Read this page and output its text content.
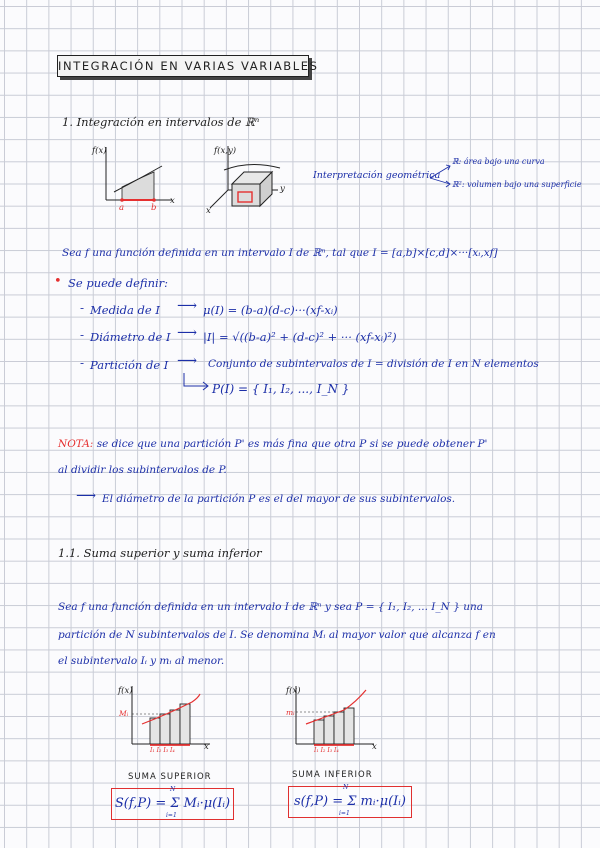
INTEGRACIÓN EN VARIAS VARIABLES
1. Integración en intervalos de ℝⁿ
f(x)
x
a	b
f(x,y)
x
y
Interpretación geométrica
ℝ: área bajo una curva
ℝ²: volumen bajo una superficie
Sea f una función definida en un intervalo I de ℝⁿ, tal que I = [a,b]×[c,d]×···[xᵢ,xf]
• Se puede definir:
- Medida de I ⟶ μ(I) = (b-a)(d-c)···(xf-xᵢ)
- Diámetro de I ⟶ |I| = √((b-a)² + (d-c)² + ··· (xf-xᵢ)²)
- Partición de I ⟶ Conjunto de subintervalos de I = división de I en N elementos
P(I) = { I₁, I₂, ..., I_N }
NOTA: se dice que una partición P' es más fina que otra P si se puede obtener P'
al dividir los subintervalos de P.
⟶ El diámetro de la partición P es el del mayor de sus subintervalos.
1.1. Suma superior y suma inferior
Sea f una función definida en un intervalo I de ℝⁿ y sea P = { I₁, I₂, ... I_N } una
partición de N subintervalos de I. Se denomina Mᵢ al mayor valor que alcanza f en
el subintervalo Iᵢ y mᵢ al menor.
f(x)
x
Mᵢ
I₁ I₂ I₃ I₄
SUMA SUPERIOR
S(f,P) = Σ Mᵢ·μ(Iᵢ)
N
i=1
f(x)
x
mᵢ
I₁ I₂ I₃ I₄
SUMA INFERIOR
s(f,P) = Σ mᵢ·μ(Iᵢ)
N
i=1
